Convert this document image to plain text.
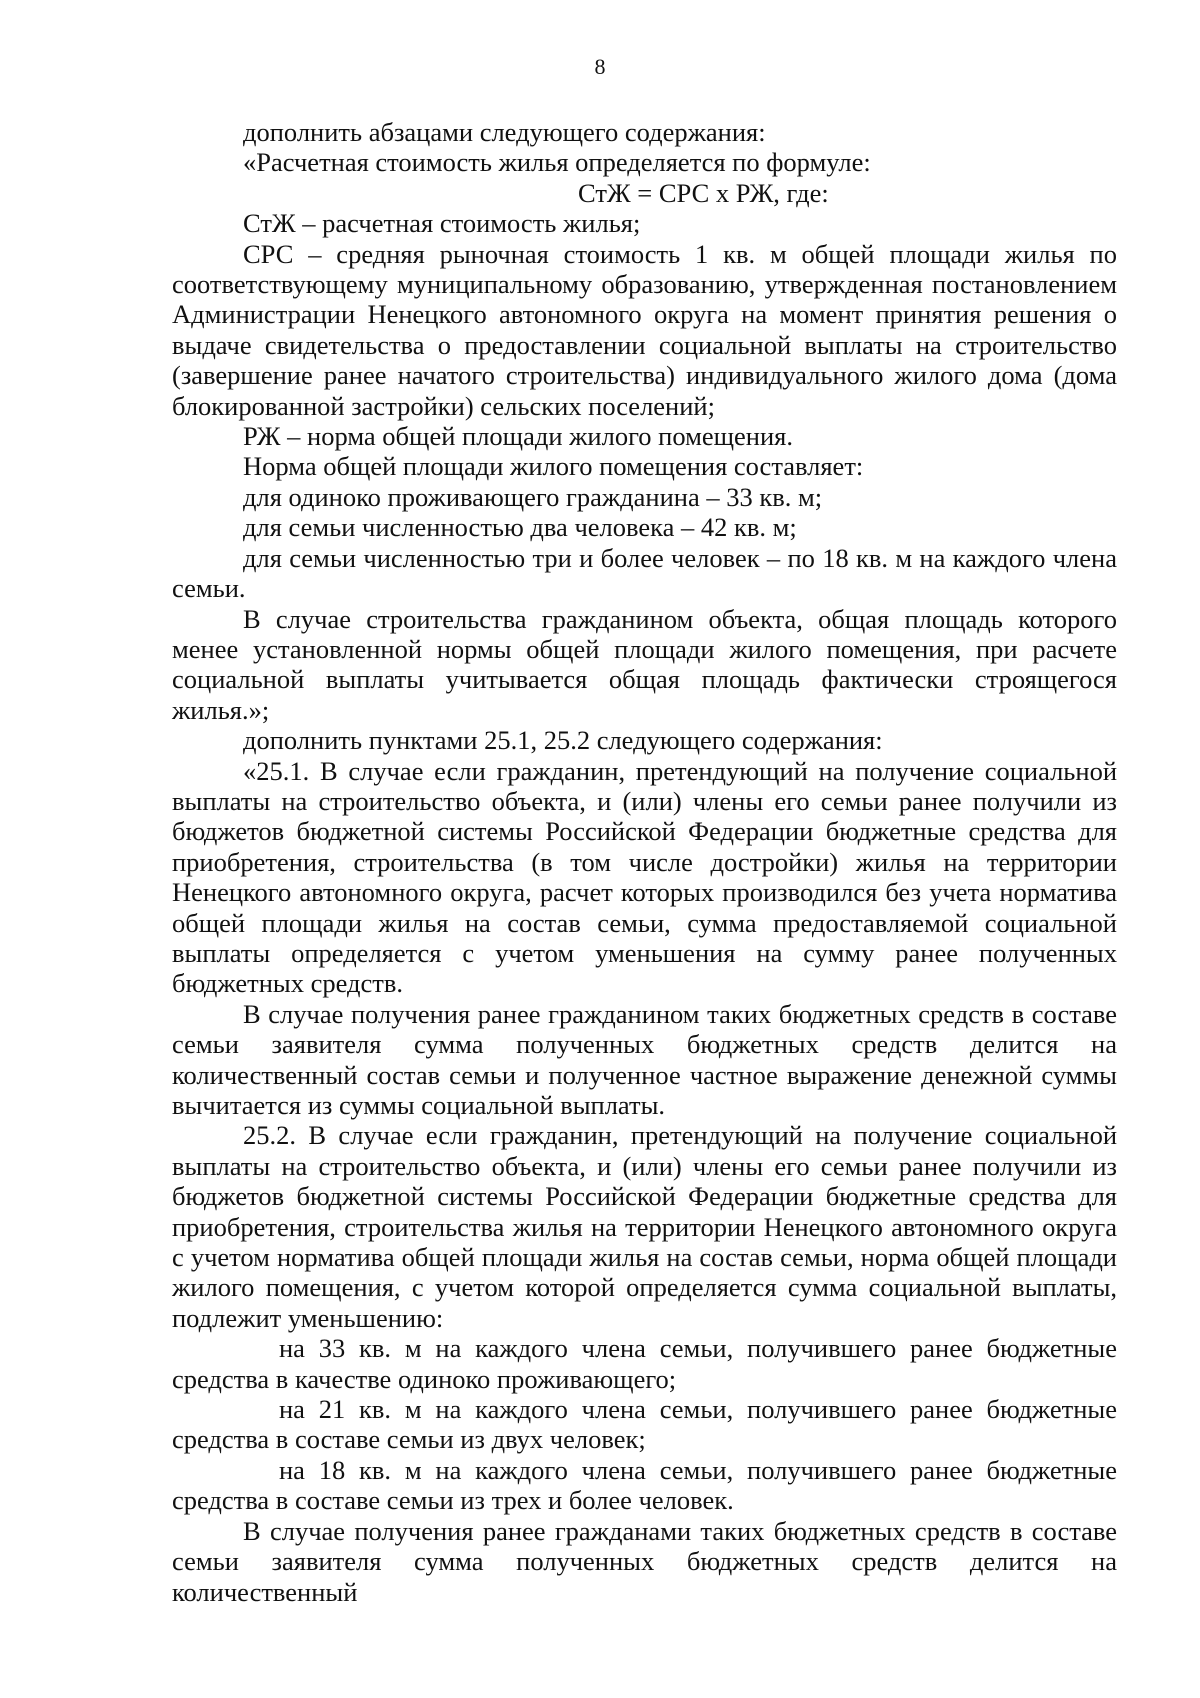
8

дополнить абзацами следующего содержания:

«Расчетная стоимость жилья определяется по формуле:

СтЖ = СРС х РЖ, где:

СтЖ – расчетная стоимость жилья;

СРС – средняя рыночная стоимость 1 кв. м общей площади жилья по соответствующему муниципальному образованию, утвержденная постановлением Администрации Ненецкого автономного округа на момент принятия решения о выдаче свидетельства о предоставлении социальной выплаты на строительство (завершение ранее начатого строительства) индивидуального жилого дома (дома блокированной застройки) сельских поселений;

РЖ – норма общей площади жилого помещения.

Норма общей площади жилого помещения составляет:

для одиноко проживающего гражданина – 33 кв. м;

для семьи численностью два человека – 42 кв. м;

для семьи численностью три и более человек – по 18 кв. м на каждого члена семьи.

В случае строительства гражданином объекта, общая площадь которого менее установленной нормы общей площади жилого помещения, при расчете социальной выплаты учитывается общая площадь фактически строящегося жилья.»;

дополнить пунктами 25.1, 25.2 следующего содержания:

«25.1. В случае если гражданин, претендующий на получение социальной выплаты на строительство объекта, и (или) члены его семьи ранее получили из бюджетов бюджетной системы Российской Федерации бюджетные средства для приобретения, строительства (в том числе достройки) жилья на территории Ненецкого автономного округа, расчет которых производился без учета норматива общей площади жилья на состав семьи, сумма предоставляемой социальной выплаты определяется с учетом уменьшения на сумму ранее полученных бюджетных средств.

В случае получения ранее гражданином таких бюджетных средств в составе семьи заявителя сумма полученных бюджетных средств делится на количественный состав семьи и полученное частное выражение денежной суммы вычитается из суммы социальной выплаты.

25.2. В случае если гражданин, претендующий на получение социальной выплаты на строительство объекта, и (или) члены его семьи ранее получили из бюджетов бюджетной системы Российской Федерации бюджетные средства для приобретения, строительства жилья на территории Ненецкого автономного округа с учетом норматива общей площади жилья на состав семьи, норма общей площади жилого помещения, с учетом которой определяется сумма социальной выплаты, подлежит уменьшению:

на 33 кв. м на каждого члена семьи, получившего ранее бюджетные средства в качестве одиноко проживающего;

на 21 кв. м на каждого члена семьи, получившего ранее бюджетные средства в составе семьи из двух человек;

на 18 кв. м на каждого члена семьи, получившего ранее бюджетные средства в составе семьи из трех и более человек.

В случае получения ранее гражданами таких бюджетных средств в составе семьи заявителя сумма полученных бюджетных средств делится на количественный
